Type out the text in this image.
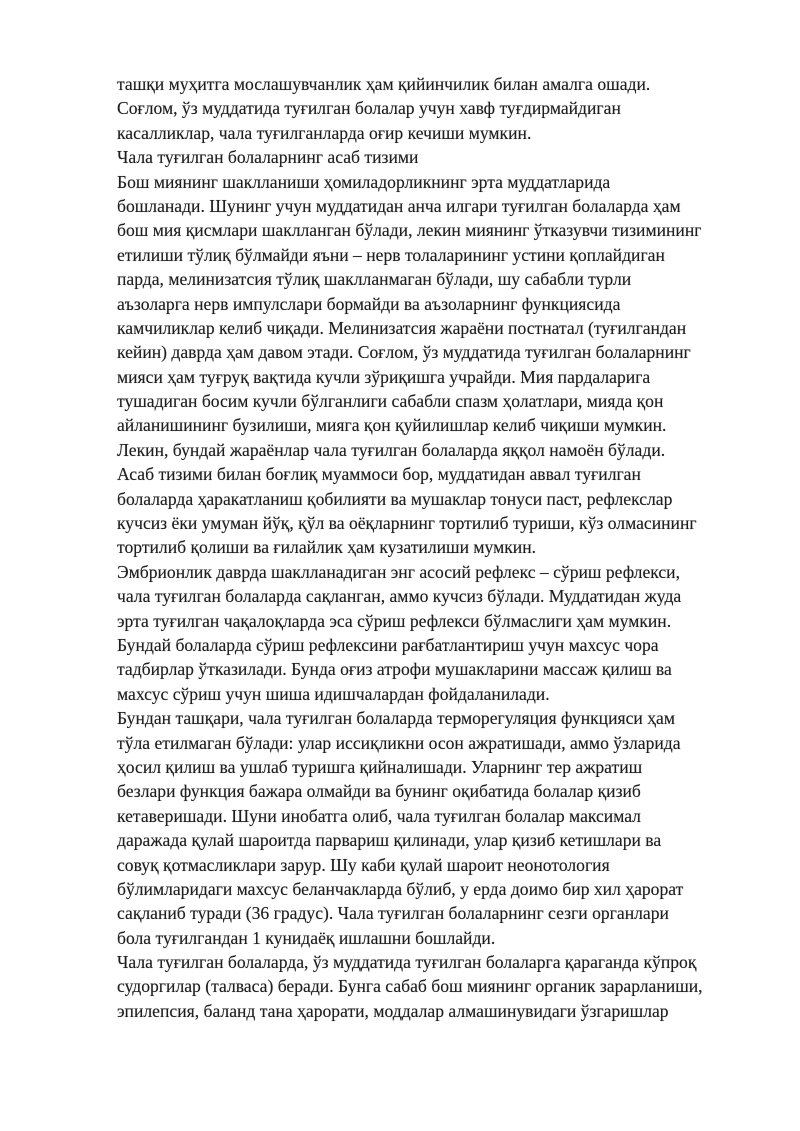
ташқи муҳитга мослашувчанлик ҳам қийинчилик билан амалга ошади.
Соғлом, ўз муддатида туғилган болалар учун хавф туғдирмайдиган
касалликлар, чала туғилганларда оғир кечиши мумкин.
Чала туғилган болаларнинг асаб тизими
Бош миянинг шаклланиши ҳомиладорликнинг эрта муддатларида
бошланади. Шунинг учун муддатидан анча илгари туғилган болаларда ҳам
бош мия қисмлари шаклланган бўлади, лекин миянинг ўтказувчи тизимининг
етилиши тўлиқ бўлмайди яъни – нерв толаларининг устини қоплайдиган
парда, мелинизатсия тўлиқ шаклланмаган бўлади, шу сабабли турли
аъзоларга нерв импулслари бормайди ва аъзоларнинг функциясида
камчиликлар келиб чиқади. Мелинизатсия жараёни постнатал (туғилгандан
кейин) даврда ҳам давом этади. Соғлом, ўз муддатида туғилган болаларнинг
мияси ҳам туғруқ вақтида кучли зўриқишга учрайди. Мия пардаларига
тушадиган босим кучли бўлганлиги сабабли спазм ҳолатлари, мияда қон
айланишининг бузилиши, мияга қон қуйилишлар келиб чиқиши мумкин.
Лекин, бундай жараёнлар чала туғилган болаларда яққол намоён бўлади.
Асаб тизими билан боғлиқ муаммоси бор, муддатидан аввал туғилган
болаларда ҳаракатланиш қобилияти ва мушаклар тонуси паст, рефлекслар
кучсиз ёки умуман йўқ, қўл ва оёқларнинг тортилиб туриши, кўз олмасининг
тортилиб қолиши ва ғилайлик ҳам кузатилиши мумкин.
Эмбрионлик даврда шаклланадиган энг асосий рефлекс – сўриш рефлекси,
чала туғилган болаларда сақланган, аммо кучсиз бўлади. Муддатидан жуда
эрта туғилган чақалоқларда эса сўриш рефлекси бўлмаслиги ҳам мумкин.
Бундай болаларда сўриш рефлексини рағбатлантириш учун махсус чора
тадбирлар ўтказилади. Бунда оғиз атрофи мушакларини массаж қилиш ва
махсус сўриш учун шиша идишчалардан фойдаланилади.
Бундан ташқари, чала туғилган болаларда терморегуляция функцияси ҳам
тўла етилмаган бўлади: улар иссиқликни осон ажратишади, аммо ўзларида
ҳосил қилиш ва ушлаб туришга қийналишади. Уларнинг тер ажратиш
безлари функция бажара олмайди ва бунинг оқибатида болалар қизиб
кетаверишади. Шуни инобатга олиб, чала туғилган болалар максимал
даражада қулай шароитда парвариш қилинади, улар қизиб кетишлари ва
совуқ қотмасликлари зарур. Шу каби қулай шароит неонотология
бўлимларидаги махсус беланчакларда бўлиб, у ерда доимо бир хил ҳарорат
сақланиб туради (36 градус). Чала туғилган болаларнинг сезги органлари
бола туғилгандан 1 кунидаёқ ишлашни бошлайди.
Чала туғилган болаларда, ўз муддатида туғилган болаларга қараганда кўпроқ
судоргилар (талваса) беради. Бунга сабаб бош миянинг органик зарарланиши,
эпилепсия, баланд тана ҳарорати, моддалар алмашинувидаги ўзгаришлар
